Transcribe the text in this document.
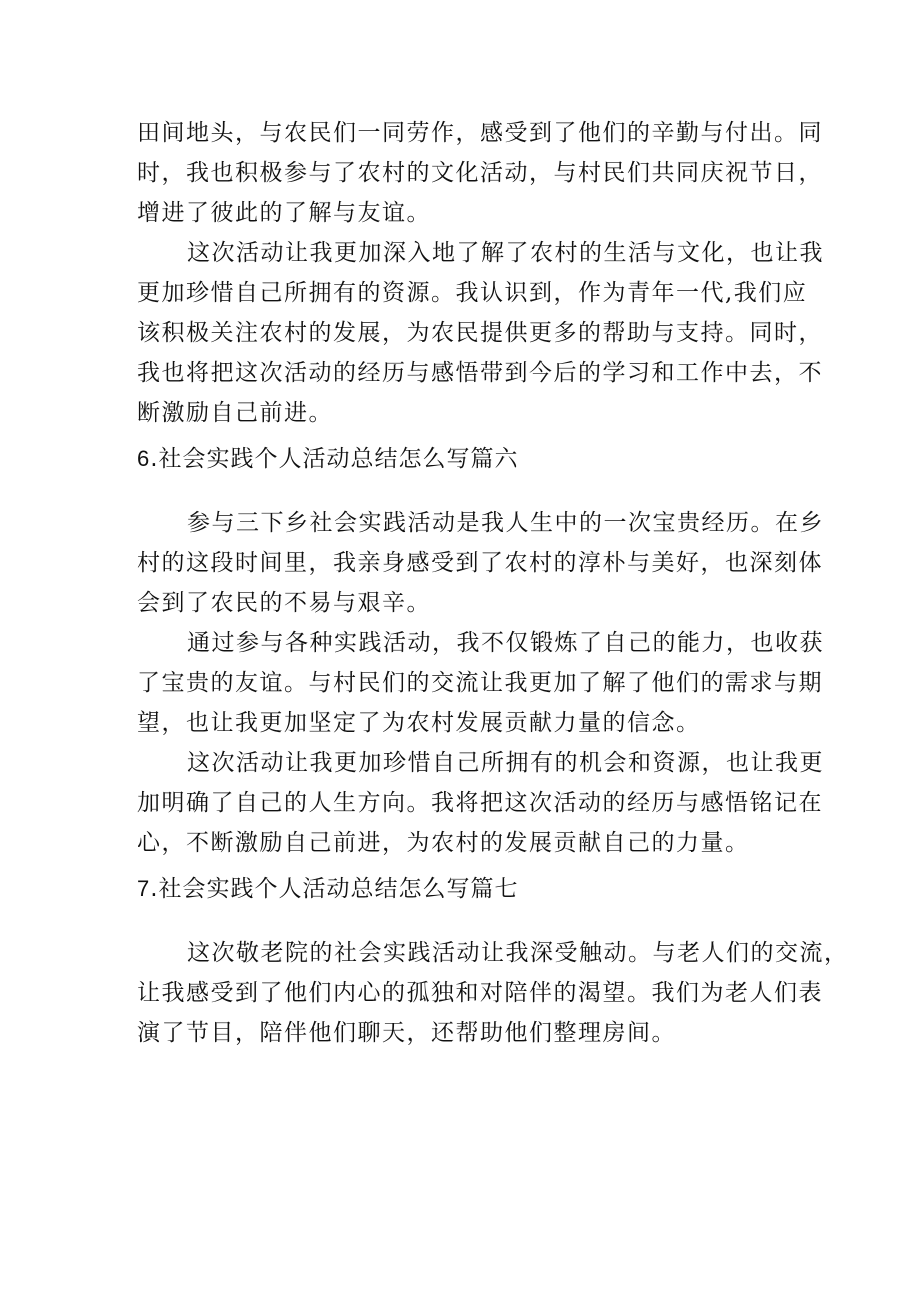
田间地头，与农民们一同劳作，感受到了他们的辛勤与付出。同
时，我也积极参与了农村的文化活动，与村民们共同庆祝节日，
增进了彼此的了解与友谊。

这次活动让我更加深入地了解了农村的生活与文化，也让我
更加珍惜自己所拥有的资源。我认识到，作为青年一代,我们应
该积极关注农村的发展，为农民提供更多的帮助与支持。同时，
我也将把这次活动的经历与感悟带到今后的学习和工作中去，不
断激励自己前进。

6.社会实践个人活动总结怎么写篇六

参与三下乡社会实践活动是我人生中的一次宝贵经历。在乡
村的这段时间里，我亲身感受到了农村的淳朴与美好，也深刻体
会到了农民的不易与艰辛。

通过参与各种实践活动，我不仅锻炼了自己的能力，也收获
了宝贵的友谊。与村民们的交流让我更加了解了他们的需求与期
望，也让我更加坚定了为农村发展贡献力量的信念。

这次活动让我更加珍惜自己所拥有的机会和资源，也让我更
加明确了自己的人生方向。我将把这次活动的经历与感悟铭记在
心，不断激励自己前进，为农村的发展贡献自己的力量。

7.社会实践个人活动总结怎么写篇七

这次敬老院的社会实践活动让我深受触动。与老人们的交流，
让我感受到了他们内心的孤独和对陪伴的渴望。我们为老人们表
演了节目，陪伴他们聊天，还帮助他们整理房间。
